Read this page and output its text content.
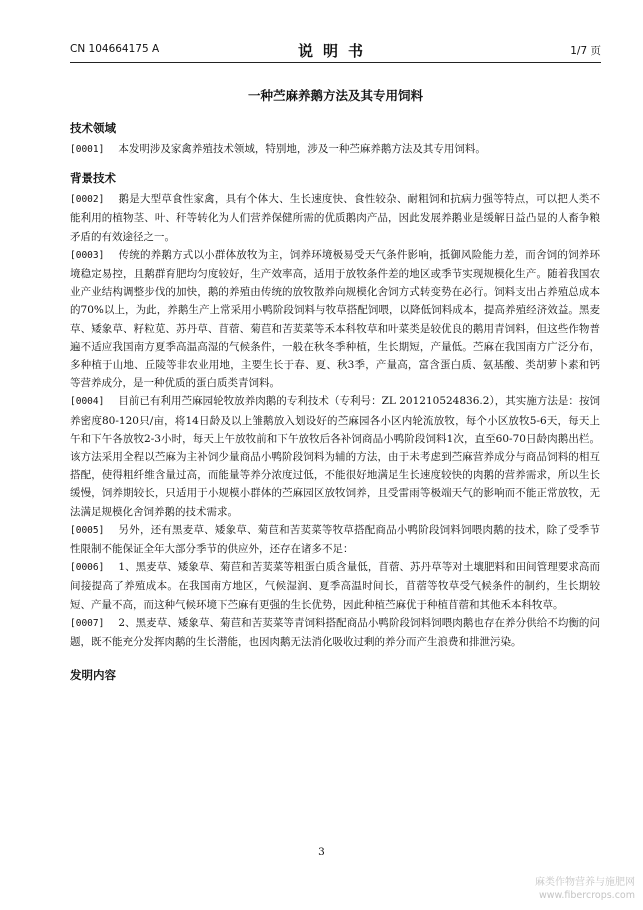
CN 104664175 A	说明书	1/7 页
一种苎麻养鹅方法及其专用饲料
技术领域

[0001] 本发明涉及家禽养殖技术领域，特别地，涉及一种苎麻养鹅方法及其专用饲料。

背景技术

[0002] 鹅是大型草食性家禽，具有个体大、生长速度快、食性较杂、耐粗饲和抗病力强等特点，可以把人类不能利用的植物茎、叶、秆等转化为人们营养保健所需的优质鹅肉产品，因此发展养鹅业是缓解日益凸显的人畜争粮矛盾的有效途径之一。

[0003] 传统的养鹅方式以小群体放牧为主，饲养环境极易受天气条件影响，抵御风险能力差，而舍饲的饲养环境稳定易控，且鹅群育肥均匀度较好，生产效率高，适用于放牧条件差的地区或季节实现规模化生产。随着我国农业产业结构调整步伐的加快，鹅的养殖由传统的放牧散养向规模化舍饲方式转变势在必行。饲料支出占养殖总成本的70%以上，为此，养鹅生产上常采用小鸭阶段饲料与牧草搭配饲喂，以降低饲料成本，提高养殖经济效益。黑麦草、矮象草、籽粒苋、苏丹草、苜蓿、菊苣和苦荬菜等禾本科牧草和叶菜类是较优良的鹅用青饲料，但这些作物普遍不适应我国南方夏季高温高湿的气候条件，一般在秋冬季种植，生长期短，产量低。苎麻在我国南方广泛分布，多种植于山地、丘陵等非农业用地，主要生长于春、夏、秋3季，产量高，富含蛋白质、氨基酸、类胡萝卜素和钙等营养成分，是一种优质的蛋白质类青饲料。

[0004] 目前已有利用苎麻园轮牧放养肉鹅的专利技术（专利号：ZL 201210524836.2），其实施方法是：按饲养密度80-120只/亩，将14日龄及以上雏鹅放入划设好的苎麻园各小区内轮流放牧，每个小区放牧5-6天，每天上午和下午各放牧2-3小时，每天上午放牧前和下午放牧后各补饲商品小鸭阶段饲料1次，直至60-70日龄肉鹅出栏。该方法采用全程以苎麻为主补饲少量商品小鸭阶段饲料为辅的方法，由于未考虑到苎麻营养成分与商品饲料的相互搭配，使得粗纤维含量过高，而能量等养分浓度过低，不能很好地满足生长速度较快的肉鹅的营养需求，所以生长缓慢，饲养期较长，只适用于小规模小群体的苎麻园区放牧饲养，且受雷雨等极端天气的影响而不能正常放牧，无法满足规模化舍饲养鹅的技术需求。

[0005] 另外，还有黑麦草、矮象草、菊苣和苦荬菜等牧草搭配商品小鸭阶段饲料饲喂肉鹅的技术，除了受季节性限制不能保证全年大部分季节的供应外，还存在诸多不足：

[0006] 1、黑麦草、矮象草、菊苣和苦荬菜等粗蛋白质含量低，苜蓿、苏丹草等对土壤肥料和田间管理要求高而间接提高了养殖成本。在我国南方地区，气候湿润、夏季高温时间长，苜蓿等牧草受气候条件的制约，生长期较短、产量不高，而这种气候环境下苎麻有更强的生长优势，因此种植苎麻优于种植苜蓿和其他禾本科牧草。

[0007] 2、黑麦草、矮象草、菊苣和苦荬菜等青饲料搭配商品小鸭阶段饲料饲喂肉鹅也存在养分供给不均衡的问题，既不能充分发挥肉鹅的生长潜能，也因肉鹅无法消化吸收过剩的养分而产生浪费和排泄污染。

发明内容
3
麻类作物营养与施肥网
www.fibercrops.com
